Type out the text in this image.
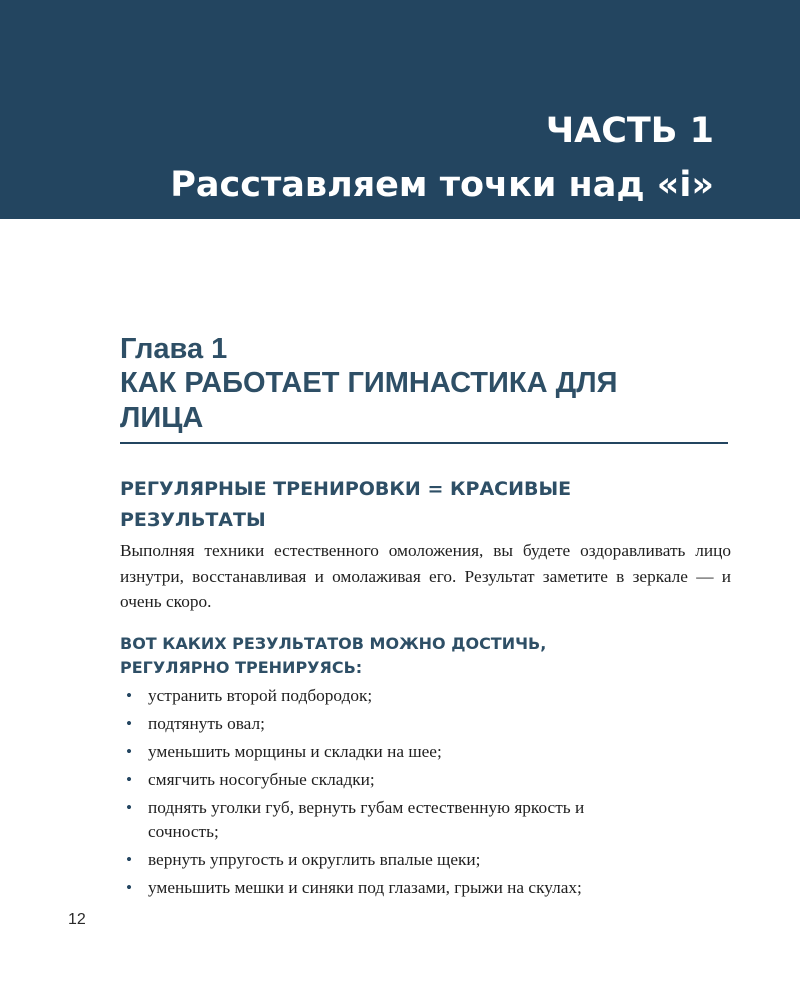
ЧАСТЬ 1
Расставляем точки над «і»
Глава 1
КАК РАБОТАЕТ ГИМНАСТИКА ДЛЯ ЛИЦА
РЕГУЛЯРНЫЕ ТРЕНИРОВКИ = КРАСИВЫЕ РЕЗУЛЬТАТЫ

Выполняя техники естественного омоложения, вы будете оздоравливать лицо изнутри, восстанавливая и омолаживая его. Результат заметите в зеркале — и очень скоро.

ВОТ КАКИХ РЕЗУЛЬТАТОВ МОЖНО ДОСТИЧЬ, РЕГУЛЯРНО ТРЕНИРУЯСЬ:
• устранить второй подбородок;
• подтянуть овал;
• уменьшить морщины и складки на шее;
• смягчить носогубные складки;
• поднять уголки губ, вернуть губам естественную яркость и сочность;
• вернуть упругость и округлить впалые щеки;
• уменьшить мешки и синяки под глазами, грыжи на скулах;

12
